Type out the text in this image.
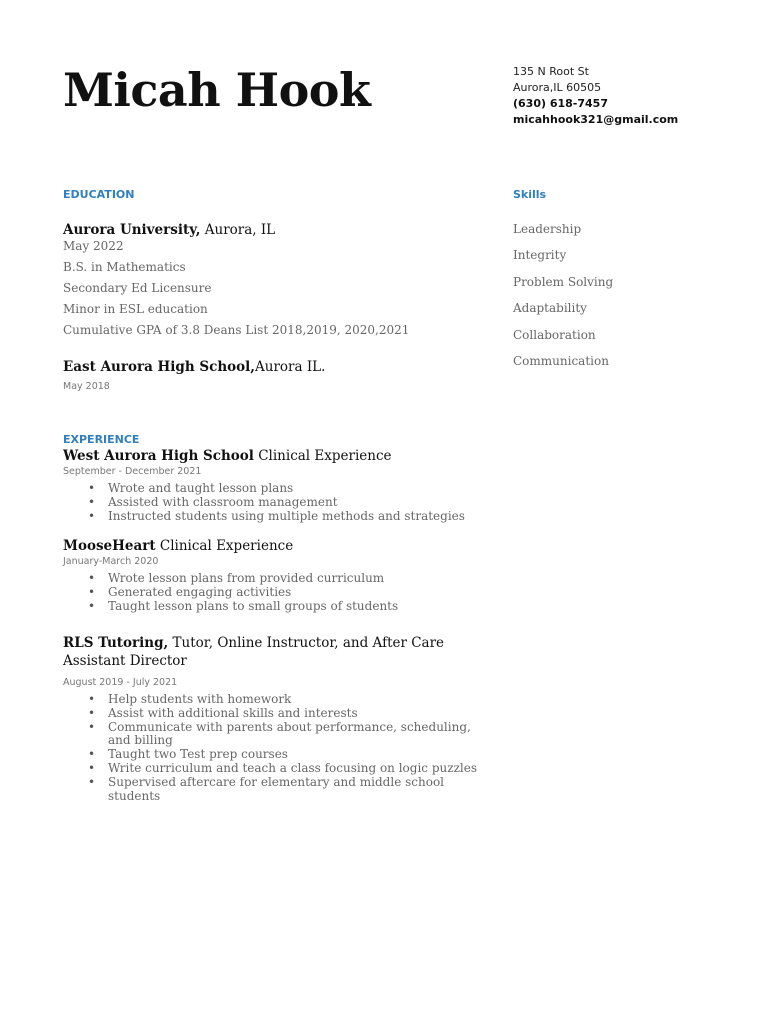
Micah Hook	135 N Root St
Aurora,IL 60505
(630) 618-7457
micahhook321@gmail.com
EDUCATION

Aurora University, Aurora, IL

May 2022

B.S. in Mathematics

Secondary Ed Licensure

Minor in ESL education

Cumulative GPA of 3.8 Deans List 2018,2019, 2020,2021

East Aurora High School,Aurora IL.

May 2018

Skills
Leadership
Integrity
Problem Solving
Adaptability
Collaboration
Communication
EXPERIENCE

West Aurora High School Clinical Experience

September - December 2021

• Wrote and taught lesson plans
• Assisted with classroom management
• Instructed students using multiple methods and strategies

MooseHeart Clinical Experience

January-March 2020

• Wrote lesson plans from provided curriculum
• Generated engaging activities
• Taught lesson plans to small groups of students

RLS Tutoring, Tutor, Online Instructor, and After Care Assistant Director

August 2019 - July 2021

• Help students with homework
• Assist with additional skills and interests
• Communicate with parents about performance, scheduling, and billing
• Taught two Test prep courses
• Write curriculum and teach a class focusing on logic puzzles
• Supervised aftercare for elementary and middle school students
